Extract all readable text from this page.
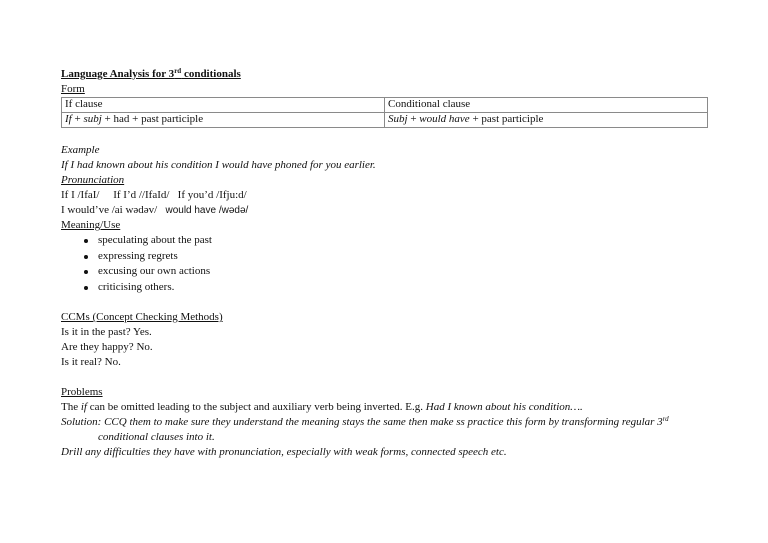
Language Analysis for 3rd conditionals
Form
If clause	Conditional clause
If + subj + had + past participle	Subj + would have + past participle
Example
If I had known about his condition I would have phoned for you earlier.
Pronunciation
If I /IfaI/     If I’d //IfaId/   If you’d /Ifju:d/
I would’ve /ai wədəv/   would have /wədə/
Meaning/Use
speculating about the past
expressing regrets
excusing our own actions
criticising others.
CCMs (Concept Checking Methods)
Is it in the past? Yes.
Are they happy? No.
Is it real? No.
Problems
The if can be omitted leading to the subject and auxiliary verb being inverted. E.g. Had I known about his condition….
Solution: CCQ them to make sure they understand the meaning stays the same then make ss practice this form by transforming regular 3rd
conditional clauses into it.
Drill any difficulties they have with pronunciation, especially with weak forms, connected speech etc.
